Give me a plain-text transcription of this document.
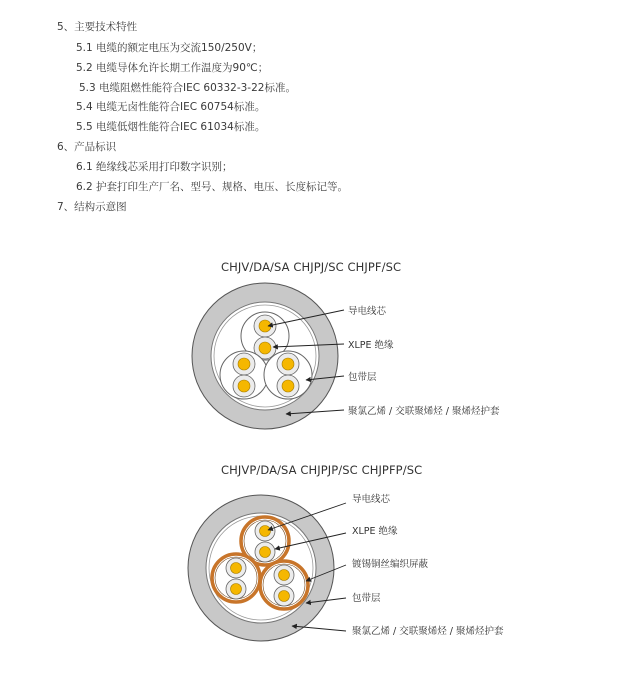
5、主要技术特性
5.1 电缆的额定电压为交流150/250V；
5.2 电缆导体允许长期工作温度为90℃；
5.3 电缆阻燃性能符合IEC 60332-3-22标准。
5.4 电缆无卤性能符合IEC 60754标准。
5.5 电缆低烟性能符合IEC 61034标准。
6、产品标识
6.1 绝缘线芯采用打印数字识别；
6.2 护套打印生产厂名、型号、规格、电压、长度标记等。
7、结构示意图
CHJV/DA/SA CHJPJ/SC CHJPF/SC
CHJVP/DA/SA CHJPJP/SC CHJPFP/SC
导电线芯
XLPE 绝缘
包带层
聚氯乙烯 / 交联聚烯烃 / 聚烯烃护套
导电线芯
XLPE 绝缘
镀锡铜丝编织屏蔽
包带层
聚氯乙烯 / 交联聚烯烃 / 聚烯烃护套
